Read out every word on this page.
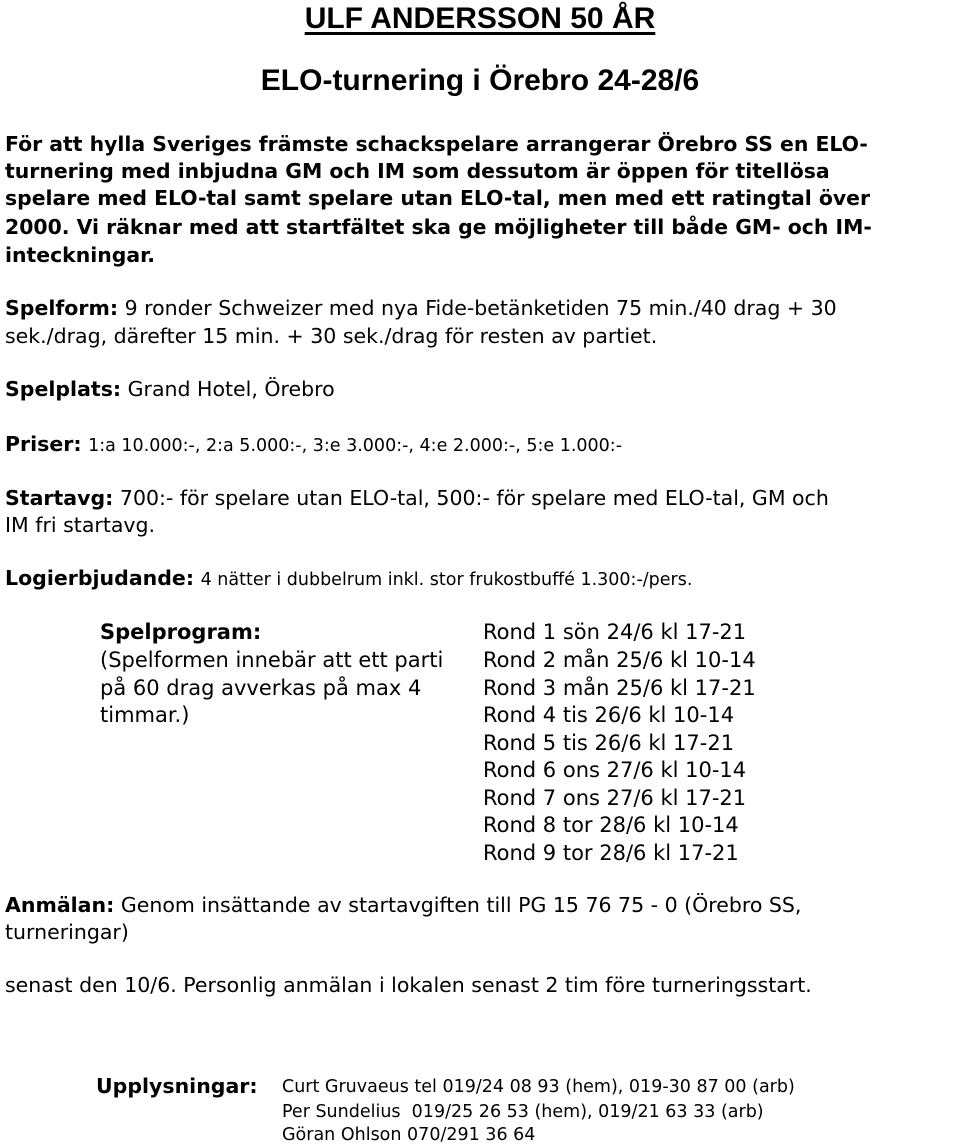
ULF ANDERSSON 50 ÅR
ELO-turnering i Örebro 24-28/6
För att hylla Sveriges främste schackspelare arrangerar Örebro SS en ELO-
turnering med inbjudna GM och IM som dessutom är öppen för titellösa
spelare med ELO-tal samt spelare utan ELO-tal, men med ett ratingtal över
2000. Vi räknar med att startfältet ska ge möjligheter till både GM- och IM-
inteckningar.
Spelform: 9 ronder Schweizer med nya Fide-betänketiden 75 min./40 drag + 30
sek./drag, därefter 15 min. + 30 sek./drag för resten av partiet.
Spelplats: Grand Hotel, Örebro
Priser: 1:a 10.000:-, 2:a 5.000:-, 3:e 3.000:-, 4:e 2.000:-, 5:e 1.000:-
Startavg: 700:- för spelare utan ELO-tal, 500:- för spelare med ELO-tal, GM och
IM fri startavg.
Logierbjudande: 4 nätter i dubbelrum inkl. stor frukostbuffé 1.300:-/pers.
Spelprogram:
(Spelformen innebär att ett parti
på 60 drag avverkas på max 4
timmar.)
Rond 1 sön 24/6 kl 17-21
Rond 2 mån 25/6 kl 10-14
Rond 3 mån 25/6 kl 17-21
Rond 4 tis 26/6 kl 10-14
Rond 5 tis 26/6 kl 17-21
Rond 6 ons 27/6 kl 10-14
Rond 7 ons 27/6 kl 17-21
Rond 8 tor 28/6 kl 10-14
Rond 9 tor 28/6 kl 17-21
Anmälan: Genom insättande av startavgiften till PG 15 76 75 - 0 (Örebro SS,
turneringar)
senast den 10/6. Personlig anmälan i lokalen senast 2 tim före turneringsstart.
Upplysningar: Curt Gruvaeus tel 019/24 08 93 (hem), 019-30 87 00 (arb)
Per Sundelius  019/25 26 53 (hem), 019/21 63 33 (arb)
Göran Ohlson 070/291 36 64
